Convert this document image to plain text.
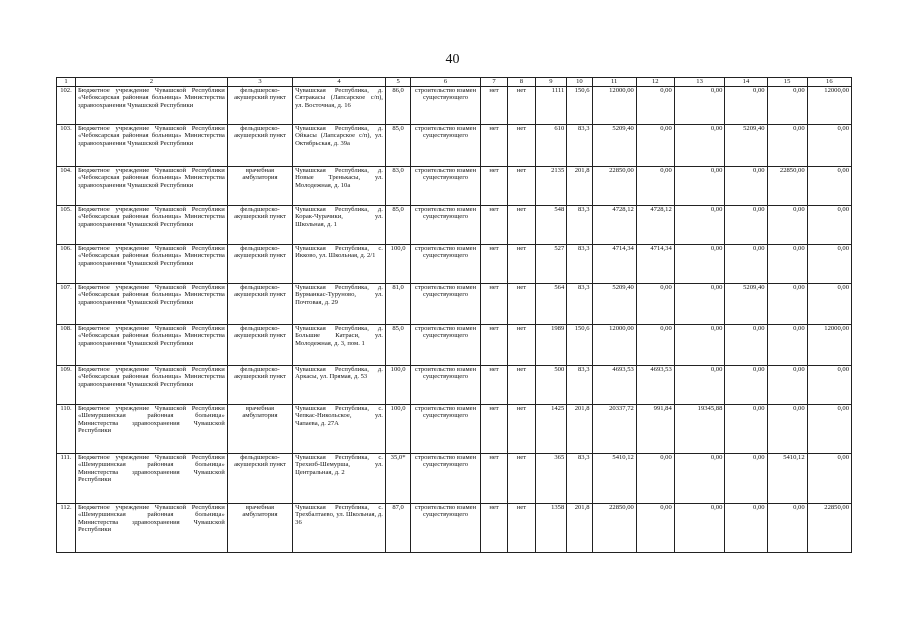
40
1	2	3	4	5	6	7	8	9	10	11	12	13	14	15	16
102.	Бюджетное учреждение Чувашской Республики «Чебоксарская районная больница» Министерства здравоохранения Чувашской Республики	фельдшерско-акушерский пункт	Чувашская Республика, д. Сятракасы (Лапсарское с/п), ул. Восточная, д. 16	86,0	строительство взамен существующего	нет	нет	1111	150,6	12000,00	0,00	0,00	0,00	0,00	12000,00
103.	Бюджетное учреждение Чувашской Республики «Чебоксарская районная больница» Министерства здравоохранения Чувашской Республики	фельдшерско-акушерский пункт	Чувашская Республика, д. Ойкасы (Лапсарское с/п), ул. Октябрьская, д. 39а	85,0	строительство взамен существующего	нет	нет	610	83,3	5209,40	0,00	0,00	5209,40	0,00	0,00
104.	Бюджетное учреждение Чувашской Республики «Чебоксарская районная больница» Министерства здравоохранения Чувашской Республики	врачебная амбулатория	Чувашская Республика, д. Новые Тренькасы, ул. Молодежная, д. 10а	83,0	строительство взамен существующего	нет	нет	2135	201,8	22850,00	0,00	0,00	0,00	22850,00	0,00
105.	Бюджетное учреждение Чувашской Республики «Чебоксарская районная больница» Министерства здравоохранения Чувашской Республики	фельдшерско-акушерский пункт	Чувашская Республика, д. Корак-Чурачики, ул. Школьная, д. 1	85,0	строительство взамен существующего	нет	нет	548	83,3	4728,12	4728,12	0,00	0,00	0,00	0,00
106.	Бюджетное учреждение Чувашской Республики «Чебоксарская районная больница» Министерства здравоохранения Чувашской Республики	фельдшерско-акушерский пункт	Чувашская Республика, с. Икково, ул. Школьная, д. 2/1	100,0	строительство взамен существующего	нет	нет	527	83,3	4714,34	4714,34	0,00	0,00	0,00	0,00
107.	Бюджетное учреждение Чувашской Республики «Чебоксарская районная больница» Министерства здравоохранения Чувашской Республики	фельдшерско-акушерский пункт	Чувашская Республика, д. Вурманкас-Туруново, ул. Почтовая, д. 29	81,0	строительство взамен существующего	нет	нет	564	83,3	5209,40	0,00	0,00	5209,40	0,00	0,00
108.	Бюджетное учреждение Чувашской Республики «Чебоксарская районная больница» Министерства здравоохранения Чувашской Республики	фельдшерско-акушерский пункт	Чувашская Республика, д. Большие Катраси, ул. Молодежная, д. 3, пом. 1	85,0	строительство взамен существующего	нет	нет	1989	150,6	12000,00	0,00	0,00	0,00	0,00	12000,00
109.	Бюджетное учреждение Чувашской Республики «Чебоксарская районная больница» Министерства здравоохранения Чувашской Республики	фельдшерско-акушерский пункт	Чувашская Республика, д. Аркасы, ул. Прямая, д. 53	100,0	строительство взамен существующего	нет	нет	500	83,3	4693,53	4693,53	0,00	0,00	0,00	0,00
110.	Бюджетное учреждение Чувашской Республики «Шемуршинская районная больница» Министерства здравоохранения Чувашской Республики	врачебная амбулатория	Чувашская Республика, с. Чепкас-Никольское, ул. Чапаева, д. 27А	100,0	строительство взамен существующего	нет	нет	1425	201,8	20337,72	991,84	19345,88	0,00	0,00	0,00
111.	Бюджетное учреждение Чувашской Республики «Шемуршинская районная больница» Министерства здравоохранения Чувашской Республики	фельдшерско-акушерский пункт	Чувашская Республика, с. Трехизб-Шемурша, ул. Центральная, д. 2	35,0*	строительство взамен существующего	нет	нет	365	83,3	5410,12	0,00	0,00	0,00	5410,12	0,00
112.	Бюджетное учреждение Чувашской Республики «Шемуршинская районная больница» Министерства здравоохранения Чувашской Республики	врачебная амбулатория	Чувашская Республика, с. Трехбалтаево, ул. Школьная, д. 36	87,0	строительство взамен существующего	нет	нет	1358	201,8	22850,00	0,00	0,00	0,00	0,00	22850,00
